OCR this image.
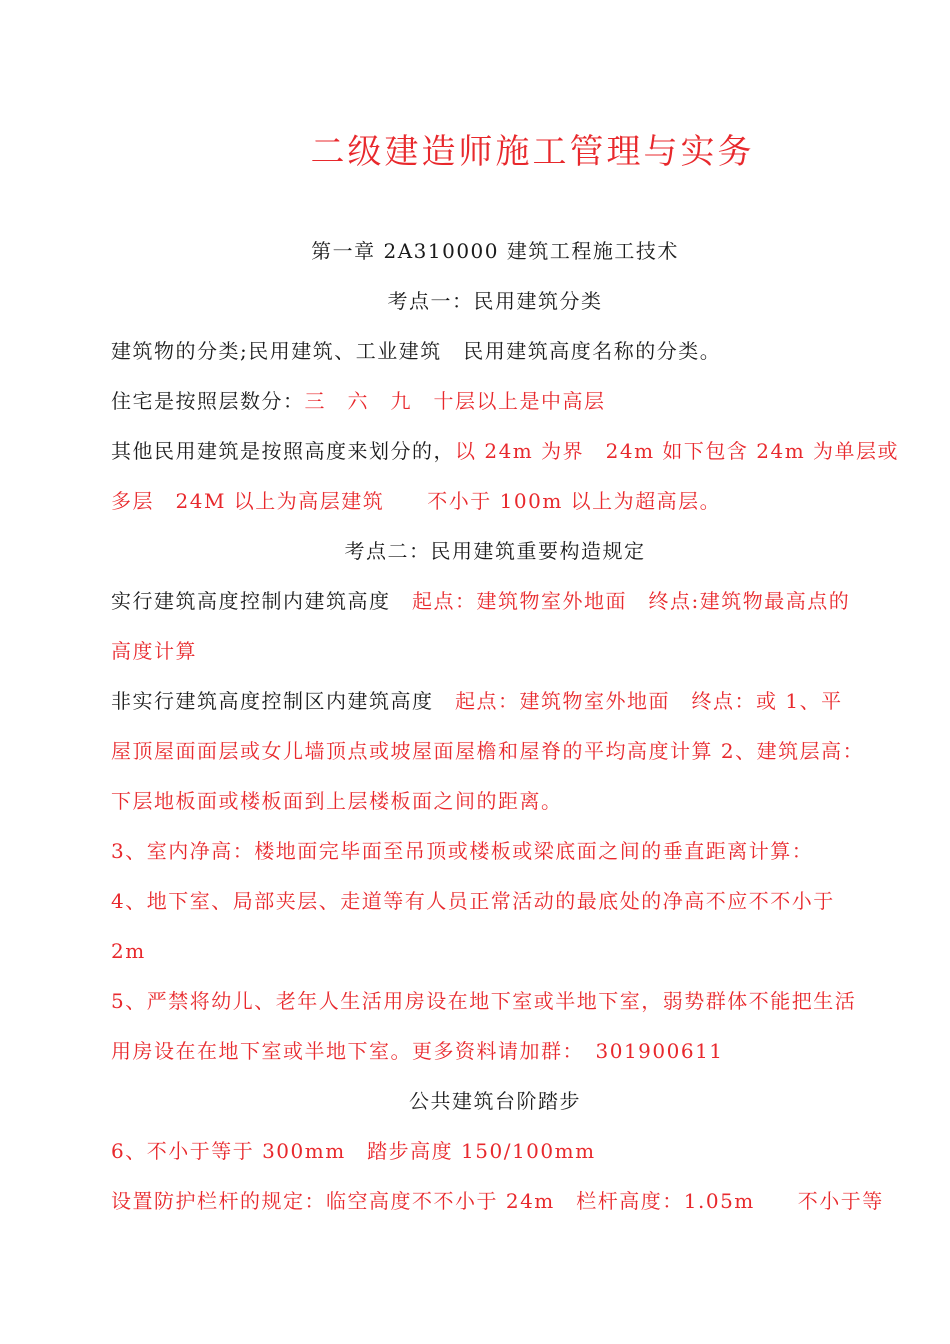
二级建造师施工管理与实务
第一章 2A310000 建筑工程施工技术
考点一：民用建筑分类
建筑物的分类;民用建筑、工业建筑　民用建筑高度名称的分类。
住宅是按照层数分：三　六　九　十层以上是中高层
其他民用建筑是按照高度来划分的，以 24m 为界　24m 如下包含 24m 为单层或
多层　24M 以上为高层建筑　　不小于 100m 以上为超高层。
考点二：民用建筑重要构造规定
实行建筑高度控制内建筑高度　起点：建筑物室外地面　终点:建筑物最高点的
高度计算
非实行建筑高度控制区内建筑高度　起点：建筑物室外地面　终点：或 1、平
屋顶屋面面层或女儿墙顶点或坡屋面屋檐和屋脊的平均高度计算 2、建筑层高：
下层地板面或楼板面到上层楼板面之间的距离。
3、室内净高：楼地面完毕面至吊顶或楼板或梁底面之间的垂直距离计算：
4、地下室、局部夹层、走道等有人员正常活动的最底处的净高不应不不小于
2m
5、严禁将幼儿、老年人生活用房设在地下室或半地下室，弱势群体不能把生活
用房设在在地下室或半地下室。更多资料请加群：　301900611
公共建筑台阶踏步
6、不小于等于 300mm　踏步高度 150/100mm
设置防护栏杆的规定：临空高度不不小于 24m　栏杆高度：1.05m　　不小于等
